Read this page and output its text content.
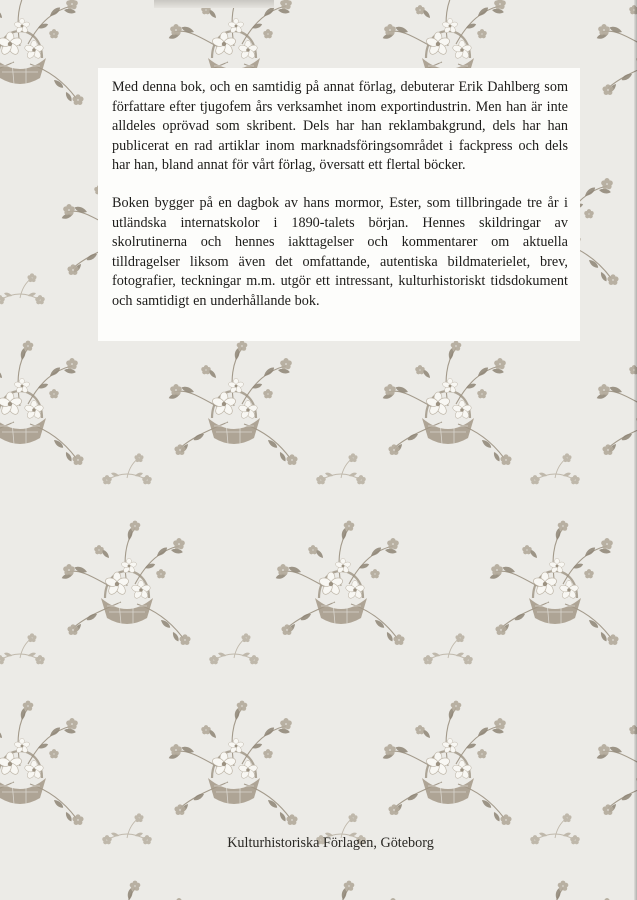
Med denna bok, och en samtidig på annat förlag, debuterar Erik Dahlberg som författare efter tjugofem års verksamhet inom exportindustrin. Men han är inte alldeles oprövad som skribent. Dels har han reklambakgrund, dels har han publicerat en rad artiklar inom marknadsföringsområdet i fackpress och dels har han, bland annat för vårt förlag, översatt ett flertal böcker.

Boken bygger på en dagbok av hans mormor, Ester, som tillbringade tre år i utländska internatskolor i 1890-talets början. Hennes skildringar av skolrutinerna och hennes iakttagelser och kommentarer om aktuella tilldragelser liksom även det omfattande, autentiska bildmaterielet, brev, fotografier, teckningar m.m. utgör ett intressant, kulturhistoriskt tidsdokument och samtidigt en underhållande bok.

Kulturhistoriska Förlagen, Göteborg
